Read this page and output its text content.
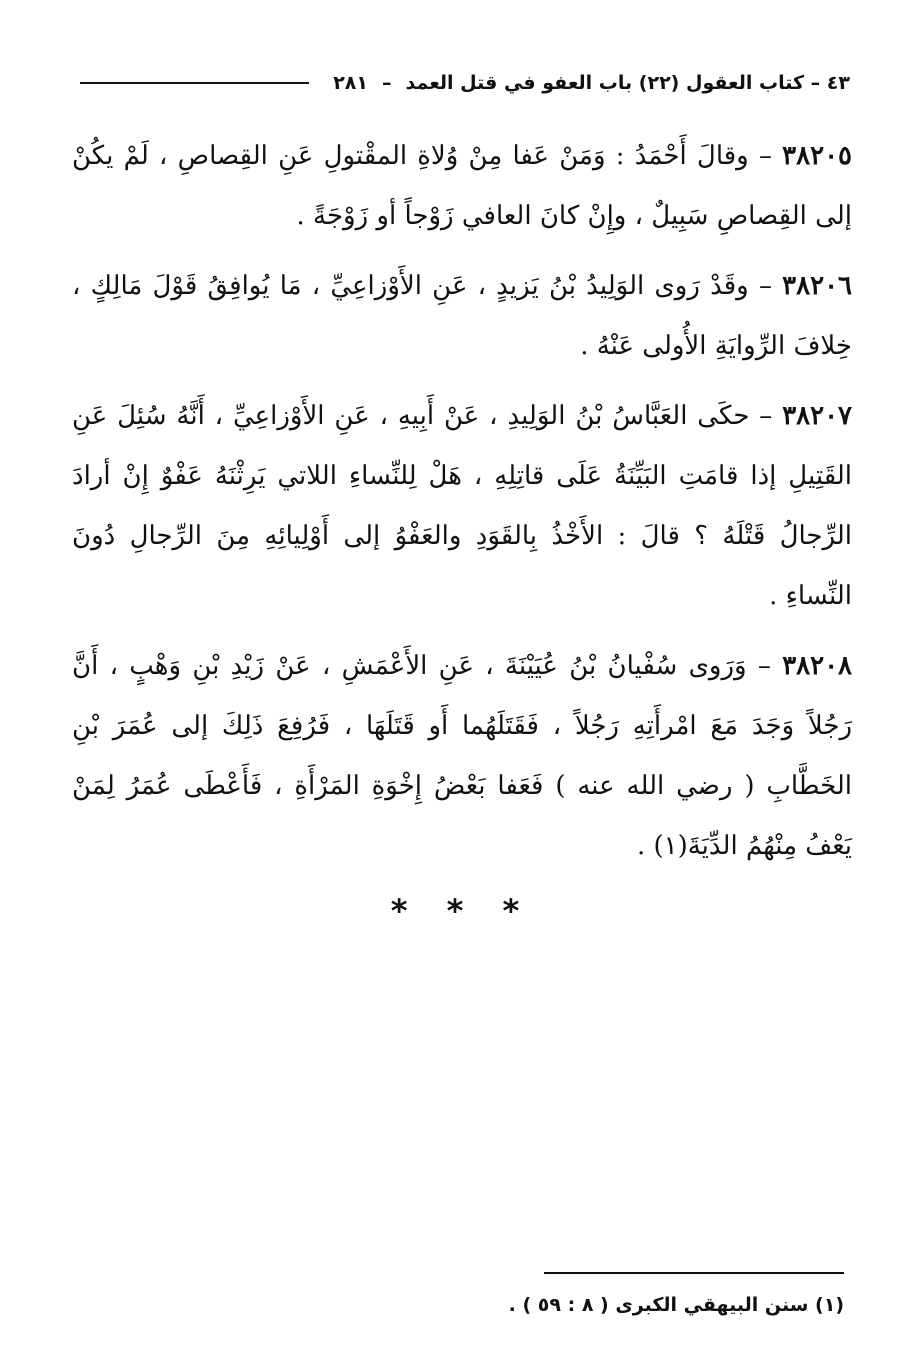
٤٣ – كتاب العقول (٢٢) باب العفو في قتل العمد
–
٢٨١

٣٨٢٠٥ – وقالَ أَحْمَدُ : وَمَنْ عَفا مِنْ وُلاةِ المقْتولِ عَنِ القِصاصِ ، لَمْ يكُنْ إلى القِصاصِ سَبِيلٌ ، وإِنْ كانَ العافي زَوْجاً أو زَوْجَةً .

٣٨٢٠٦ – وقَدْ رَوى الوَلِيدُ بْنُ يَزيدٍ ، عَنِ الأَوْزاعِيِّ ، مَا يُوافِقُ قَوْلَ مَالِكٍ ، خِلافَ الرِّوايَةِ الأُولى عَنْهُ .

٣٨٢٠٧ – حكَى العَبَّاسُ بْنُ الوَلِيدِ ، عَنْ أَبِيهِ ، عَنِ الأَوْزاعِيِّ ، أَنَّهُ سُئِلَ عَنِ القَتِيلِ إذا قامَتِ البَيِّنَةُ عَلَى قاتِلِهِ ، هَلْ لِلنِّساءِ اللاتي يَرِثْنَهُ عَفْوٌ إِنْ أرادَ الرِّجالُ قَتْلَهُ ؟ قالَ : الأَخْذُ بِالقَوَدِ والعَفْوُ إلى أَوْلِيائِهِ مِنَ الرِّجالِ دُونَ النِّساءِ .

٣٨٢٠٨ – وَرَوى سُفْيانُ بْنُ عُيَيْنَةَ ، عَنِ الأَعْمَشِ ، عَنْ زَيْدِ بْنِ وَهْبٍ ، أَنَّ رَجُلاً وَجَدَ مَعَ امْرأَتِهِ رَجُلاً ، فَقَتَلَهُما أَو قَتَلَهَا ، فَرُفِعَ ذَلِكَ إلى عُمَرَ بْنِ الخَطَّابِ ( رضي الله عنه ) فَعَفا بَعْضُ إِخْوَةِ المَرْأَةِ ، فَأَعْطَى عُمَرُ لِمَنْ يَعْفُ مِنْهُمُ الدِّيَةَ(١) .

* * *
(١) سنن البيهقي الكبرى ( ٨ : ٥٩ ) .
